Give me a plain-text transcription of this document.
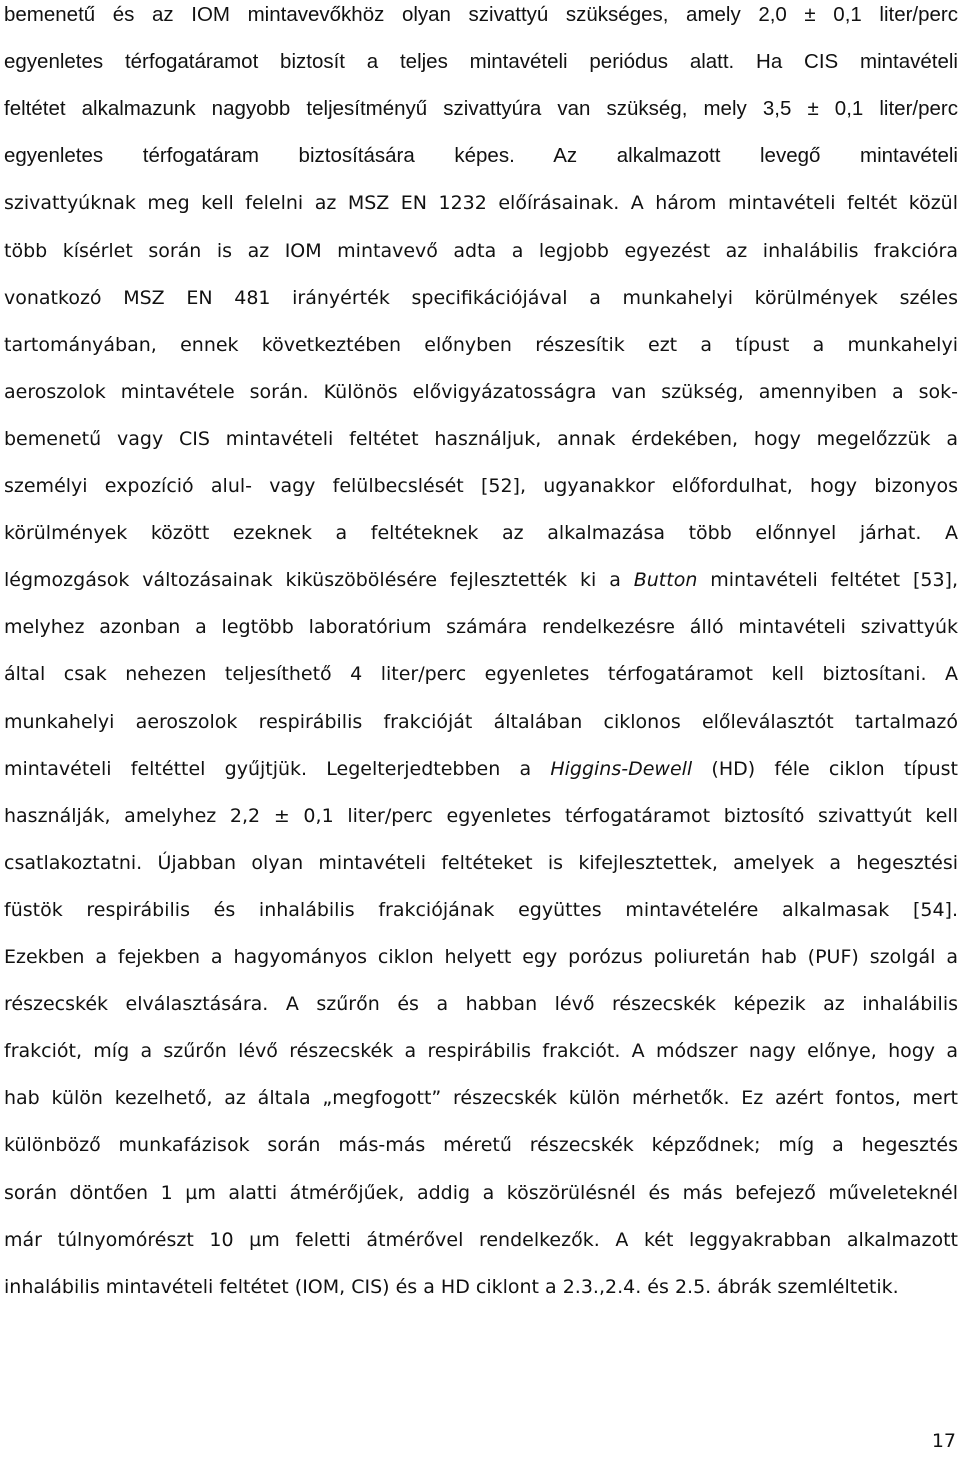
bemenetű és az IOM mintavevőkhöz olyan szivattyú szükséges, amely 2,0 ± 0,1 liter/perc
egyenletes térfogatáramot biztosít a teljes mintavételi periódus alatt. Ha CIS mintavételi
feltétet alkalmazunk nagyobb teljesítményű szivattyúra van szükség, mely 3,5 ± 0,1 liter/perc
egyenletes térfogatáram biztosítására képes. Az alkalmazott levegő mintavételi
szivattyúknak meg kell felelni az MSZ EN 1232 előírásainak. A három mintavételi feltét közül
több kísérlet során is az IOM mintavevő adta a legjobb egyezést az inhalábilis frakcióra
vonatkozó MSZ EN 481 irányérték specifikációjával a munkahelyi körülmények széles
tartományában, ennek következtében előnyben részesítik ezt a típust a munkahelyi
aeroszolok mintavétele során. Különös elővigyázatosságra van szükség, amennyiben a sok-
bemenetű vagy CIS mintavételi feltétet használjuk, annak érdekében, hogy megelőzzük a
személyi expozíció alul- vagy felülbecslését [52], ugyanakkor előfordulhat, hogy bizonyos
körülmények között ezeknek a feltéteknek az alkalmazása több előnnyel járhat. A
légmozgások változásainak kiküszöbölésére fejlesztették ki a Button mintavételi feltétet [53],
melyhez azonban a legtöbb laboratórium számára rendelkezésre álló mintavételi szivattyúk
által csak nehezen teljesíthető 4 liter/perc egyenletes térfogatáramot kell biztosítani. A
munkahelyi aeroszolok respirábilis frakcióját általában ciklonos előleválasztót tartalmazó
mintavételi feltéttel gyűjtjük. Legelterjedtebben a Higgins-Dewell (HD) féle ciklon típust
használják, amelyhez 2,2 ± 0,1 liter/perc egyenletes térfogatáramot biztosító szivattyút kell
csatlakoztatni. Újabban olyan mintavételi feltéteket is kifejlesztettek, amelyek a hegesztési
füstök respirábilis és inhalábilis frakciójának együttes mintavételére alkalmasak [54].
Ezekben a fejekben a hagyományos ciklon helyett egy porózus poliuretán hab (PUF) szolgál a
részecskék elválasztására. A szűrőn és a habban lévő részecskék képezik az inhalábilis
frakciót, míg a szűrőn lévő részecskék a respirábilis frakciót. A módszer nagy előnye, hogy a
hab külön kezelhető, az általa „megfogott” részecskék külön mérhetők. Ez azért fontos, mert
különböző munkafázisok során más-más méretű részecskék képződnek; míg a hegesztés
során döntően 1 µm alatti átmérőjűek, addig a köszörülésnél és más befejező műveleteknél
már túlnyomórészt 10 µm feletti átmérővel rendelkezők. A két leggyakrabban alkalmazott
inhalábilis mintavételi feltétet (IOM, CIS) és a HD ciklont a 2.3.,2.4. és 2.5. ábrák szemléltetik.
17
